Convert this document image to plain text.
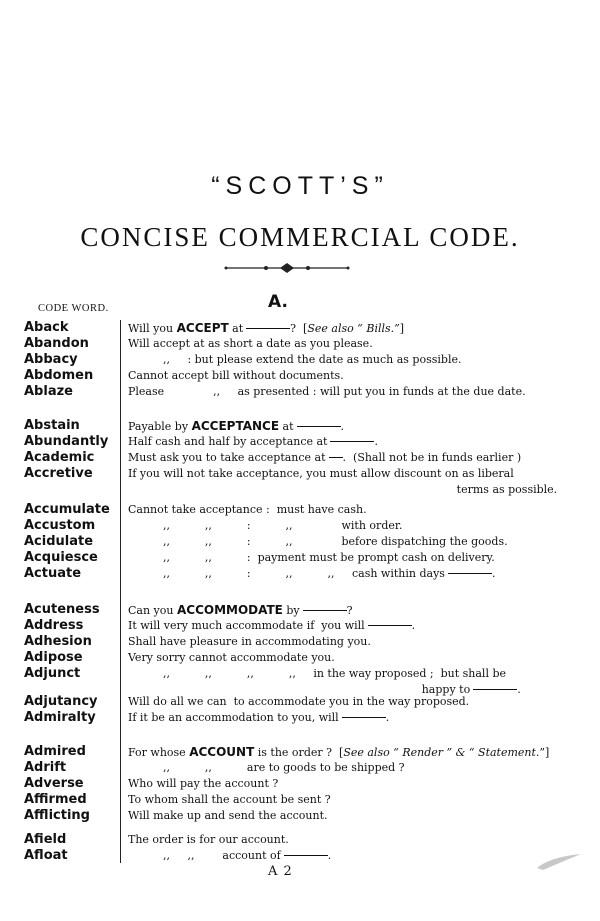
“SCOTT’S”
CONCISE COMMERCIAL CODE.
CODE WORD.	A.
Aback	Will you ACCEPT at	?  [See also “ Bills.”]
Abandon	Will accept at as short a date as you please.
Abbacy	,,     : but please extend the date as much as possible.
Abdomen	Cannot accept bill without documents.
Ablaze	Please              ,,     as presented : will put you in funds at the due date.
Abstain	Payable by ACCEPTANCE at	.
Abundantly Half cash and half by acceptance at	.
Academic	Must ask you to take acceptance at .  (Shall not be in funds earlier )
Accretive	If you will not take acceptance, you must allow discount on as liberal
terms as possible.
Accumulate Cannot take acceptance :  must have cash.
Accustom	,,          ,,          :          ,,              with order.
Acidulate	,,          ,,          :          ,,              before dispatching the goods.
Acquiesce	,,          ,,          :  payment must be prompt cash on delivery.
Actuate	,,          ,,          :          ,,          ,,     cash within days	.
Acuteness	Can you ACCOMMODATE by	?
Address	It will very much accommodate if  you will	.
Adhesion	Shall have pleasure in accommodating you.
Adipose	Very sorry cannot accommodate you.
Adjunct	,,          ,,          ,,          ,,     in the way proposed ;  but shall be
happy to	.
Adjutancy	Will do all we can  to accommodate you in the way proposed.
Admiralty	If it be an accommodation to you, will	.
Admired	For whose ACCOUNT is the order ?  [See also “ Render ” & “ Statement.”]
Adrift	,,          ,,          are to goods to be shipped ?
Adverse	Who will pay the account ?
Affirmed	To whom shall the account be sent ?
Afflicting	Will make up and send the account.
Afield	The order is for our account.
Afloat	,,     ,,        account of	.
A 2
